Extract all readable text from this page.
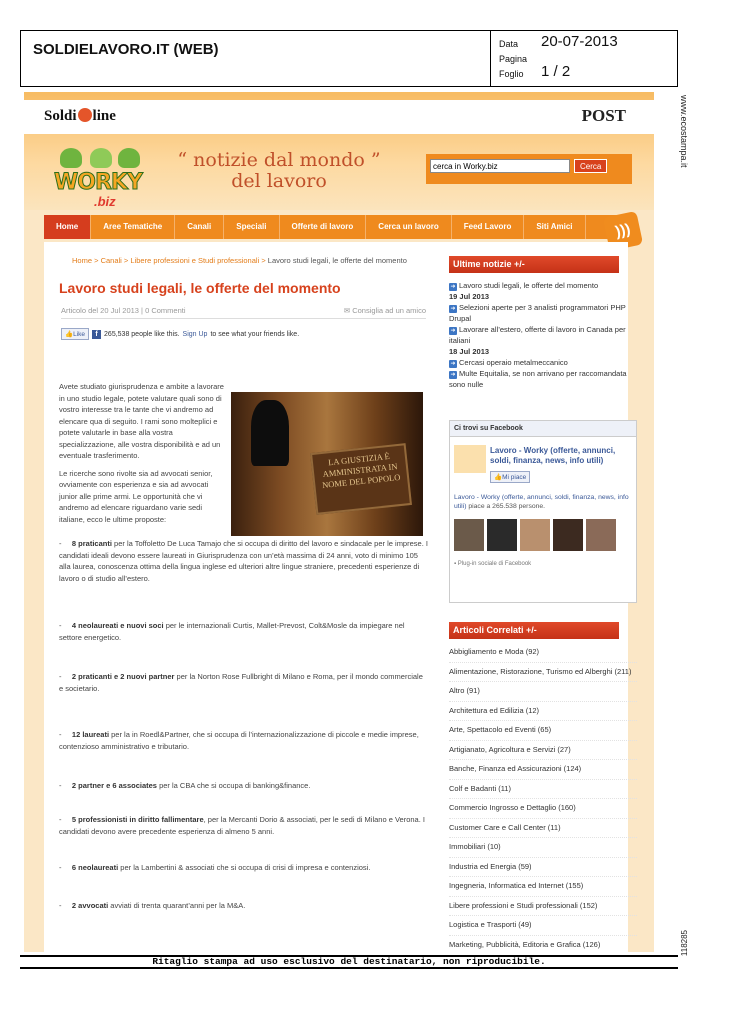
SOLDIELAVORO.IT (WEB)	Data 20-07-2013
Pagina
Foglio 1 / 2
www.ecostampa.it
118285
Soldi line	POST
WORKY
.biz
“ notizie dal mondo ”
del lavoro
cerca in Worky.biz
Cerca
Home	Aree Tematiche	Canali	Speciali	Offerte di lavoro	Cerca un lavoro	Feed Lavoro	Siti Amici	)))
Home > Canali > Libere professioni e Studi professionali > Lavoro studi legali, le offerte del momento
Lavoro studi legali, le offerte del momento
Articolo del 20 Jul 2013 | 0 Commenti	✉ Consiglia ad un amico
👍Like	f 265,538 people like this. Sign Up to see what your friends like.

Avete studiato giurisprudenza e ambite a lavorare in uno studio legale, potete valutare quali sono di vostro interesse tra le tante che vi andremo ad elencare qua di seguito. I rami sono molteplici e potete valutarle in base alla vostra specializzazione, alle vostra disponibilità e ad un eventuale trasferimento.

Le ricerche sono rivolte sia ad avvocati senior, ovviamente con esperienza e sia ad avvocati junior alle prime armi. Le opportunità che vi andremo ad elencare riguardano varie sedi italiane, ecco le ultime proposte:

LA GIUSTIZIA È AMMINISTRATA IN NOME DEL POPOLO
-     8 praticanti per la Toffoletto De Luca Tamajo che si occupa di diritto del lavoro e sindacale per le imprese. I candidati ideali devono essere laureati in Giurisprudenza con un’età massima di 24 anni, voto di minimo 105 alla laurea, conoscenza ottima della lingua inglese ed ulteriori altre lingue straniere, precedenti esperienze di lavoro o di studio all’estero.
-     4 neolaureati e nuovi soci per le internazionali Curtis, Mallet-Prevost, Colt&Mosle da impiegare nel settore energetico.
-     2 praticanti e 2 nuovi partner per la Norton Rose Fullbright di Milano e Roma, per il mondo commerciale e societario.
-     12 laureati per la in Roedl&Partner, che si occupa di l’internazionalizzazione di piccole e medie imprese, contenzioso amministrativo e tributario.
-     2 partner e 6 associates per la CBA che si occupa di banking&finance.
-     5 professionisti in diritto fallimentare, per la Mercanti Dorio & associati, per le sedi di Milano e Verona. I candidati devono avere precedente esperienza di almeno 5 anni.
-     6 neolaureati per la Lambertini & associati che si occupa di crisi di impresa e contenziosi.
-     2 avvocati avviati di trenta quarant’anni per la M&A.
Ultime notizie +/-
➜ Lavoro studi legali, le offerte del momento
19 Jul 2013
➜ Selezioni aperte per 3 analisti programmatori PHP Drupal
➜ Lavorare all’estero, offerte di lavoro in Canada per italiani
18 Jul 2013
➜ Cercasi operaio metalmeccanico
➜ Multe Equitalia, se non arrivano per raccomandata sono nulle
Ci trovi su Facebook
Lavoro - Worky (offerte, annunci, soldi, finanza, news, info utili)
👍Mi piace
Lavoro - Worky (offerte, annunci, soldi, finanza, news, info utili) piace a 265.538 persone.
▪ Plug-in sociale di Facebook
Articoli Correlati +/-
Abbigliamento e Moda (92)
Alimentazione, Ristorazione, Turismo ed Alberghi (211)
Altro (91)
Architettura ed Edilizia (12)
Arte, Spettacolo ed Eventi (65)
Artigianato, Agricoltura e Servizi (27)
Banche, Finanza ed Assicurazioni (124)
Colf e Badanti (11)
Commercio Ingrosso e Dettaglio (160)
Customer Care e Call Center (11)
Immobiliari (10)
Industria ed Energia (59)
Ingegneria, Informatica ed Internet (155)
Libere professioni e Studi professionali (152)
Logistica e Trasporti (49)
Marketing, Pubblicità, Editoria e Grafica (126)
Ritaglio stampa ad uso esclusivo del destinatario, non riproducibile.
